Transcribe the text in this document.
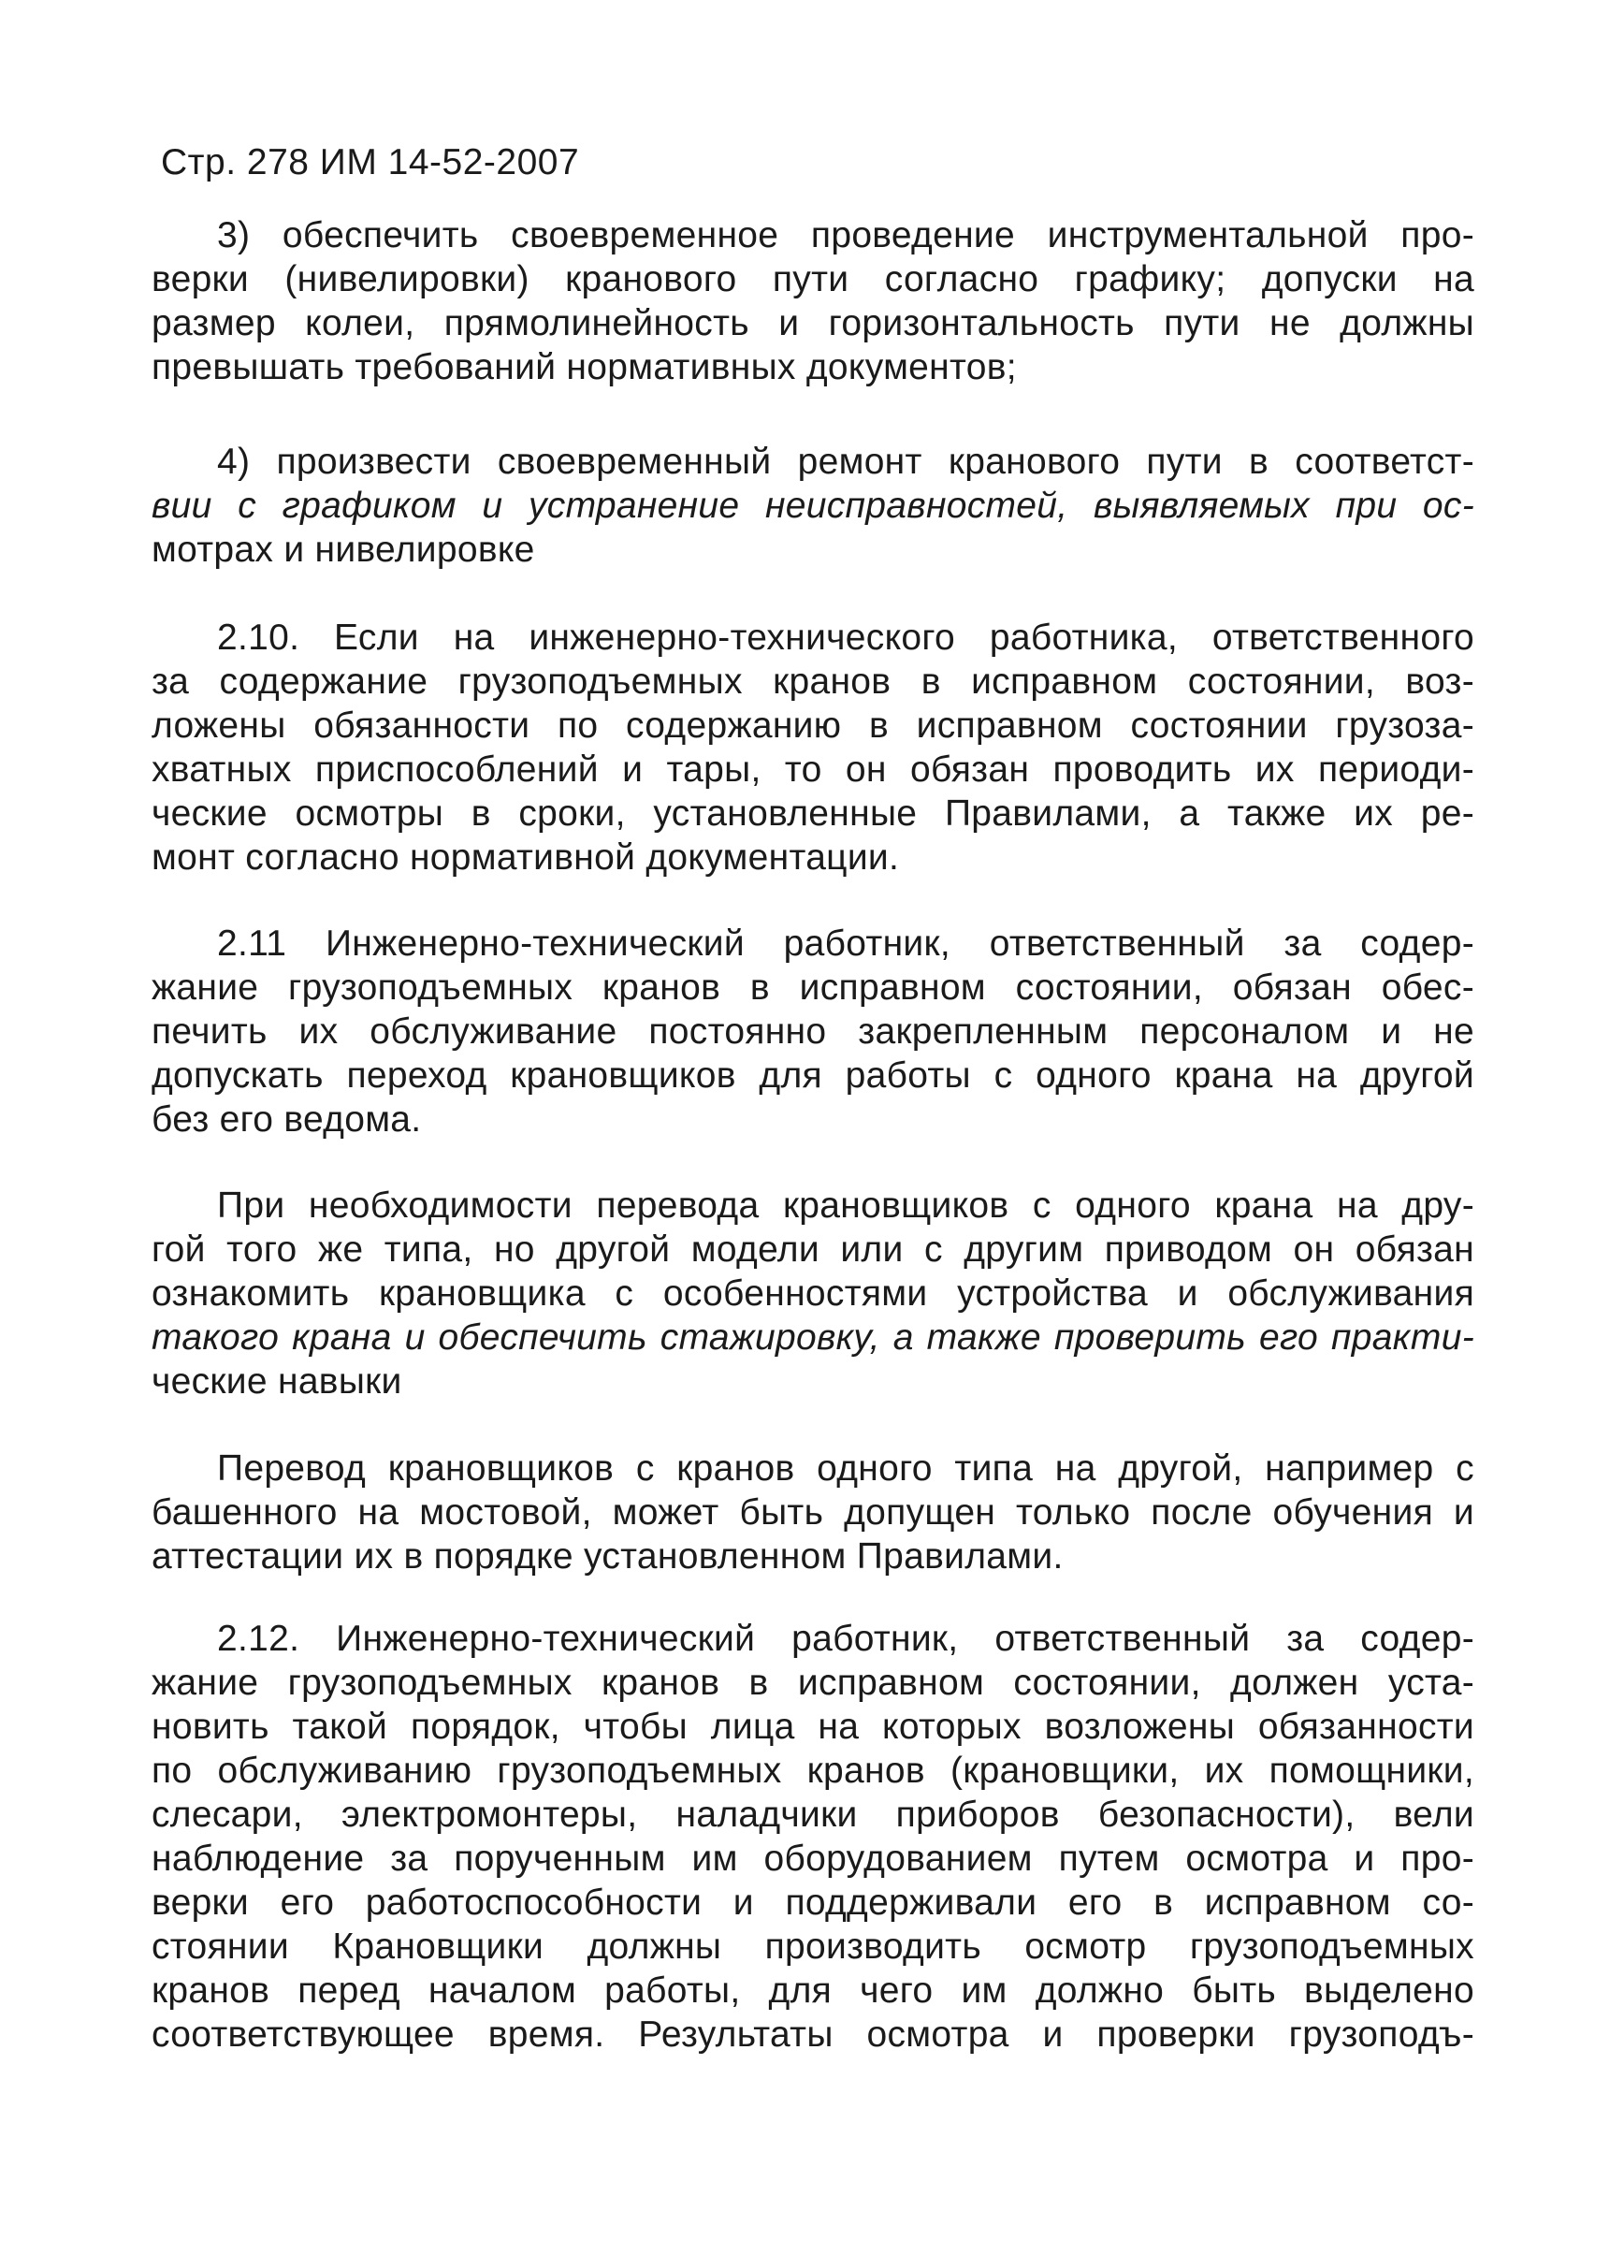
Стр. 278 ИМ 14-52-2007
3) обеспечить своевременное проведение инструментальной про-
верки (нивелировки) кранового пути согласно графику; допуски на
размер колеи, прямолинейность и горизонтальность пути не должны
превышать требований нормативных документов;
4) произвести своевременный ремонт кранового пути в соответст-
вии с графиком и устранение неисправностей, выявляемых при ос-
мотрах и нивелировке
2.10. Если на инженерно-технического работника, ответственного
за содержание грузоподъемных кранов в исправном состоянии, воз-
ложены обязанности по содержанию в исправном состоянии грузоза-
хватных приспособлений и тары, то он обязан проводить их периоди-
ческие осмотры в сроки, установленные Правилами, а также их ре-
монт согласно нормативной документации.
2.11 Инженерно-технический работник, ответственный за содер-
жание грузоподъемных кранов в исправном состоянии, обязан обес-
печить их обслуживание постоянно закрепленным персоналом и не
допускать переход крановщиков для работы с одного крана на другой
без его ведома.
При необходимости перевода крановщиков с одного крана на дру-
гой того же типа, но другой модели или с другим приводом он обязан
ознакомить крановщика с особенностями устройства и обслуживания
такого крана и обеспечить стажировку, а также проверить его практи-
ческие навыки
Перевод крановщиков с кранов одного типа на другой, например с
башенного на мостовой, может быть допущен только после обучения и
аттестации их в порядке установленном Правилами.
2.12. Инженерно-технический работник, ответственный за содер-
жание грузоподъемных кранов в исправном состоянии, должен уста-
новить такой порядок, чтобы лица на которых возложены обязанности
по обслуживанию грузоподъемных кранов (крановщики, их помощники,
слесари, электромонтеры, наладчики приборов безопасности), вели
наблюдение за порученным им оборудованием путем осмотра и про-
верки его работоспособности и поддерживали его в исправном со-
стоянии Крановщики должны производить осмотр грузоподъемных
кранов перед началом работы, для чего им должно быть выделено
соответствующее время. Результаты осмотра и проверки грузоподъ-
